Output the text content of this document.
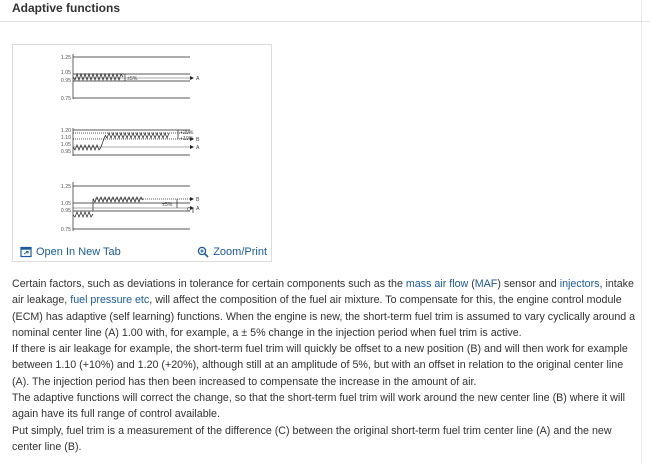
Adaptive functions
1.25
1.05
0.95
0.75
±5%	A
1.20
1.10
1.05
0.95
+20%
+10% B
A
1.25
1.05
0.95
0.75
±5%
C
B
A
Open In New Tab	Zoom/Print

Certain factors, such as deviations in tolerance for certain components such as the mass air flow (MAF) sensor and injectors, intake air leakage, fuel pressure etc, will affect the composition of the fuel air mixture. To compensate for this, the engine control module (ECM) has adaptive (self learning) functions. When the engine is new, the short-term fuel trim is assumed to vary cyclically around a nominal center line (A) 1.00 with, for example, a ± 5% change in the injection period when fuel trim is active.

If there is air leakage for example, the short-term fuel trim will quickly be offset to a new position (B) and will then work for example between 1.10 (+10%) and 1.20 (+20%), although still at an amplitude of 5%, but with an offset in relation to the original center line (A). The injection period has then been increased to compensate the increase in the amount of air.

The adaptive functions will correct the change, so that the short-term fuel trim will work around the new center line (B) where it will again have its full range of control available.

Put simply, fuel trim is a measurement of the difference (C) between the original short-term fuel trim center line (A) and the new center line (B).
